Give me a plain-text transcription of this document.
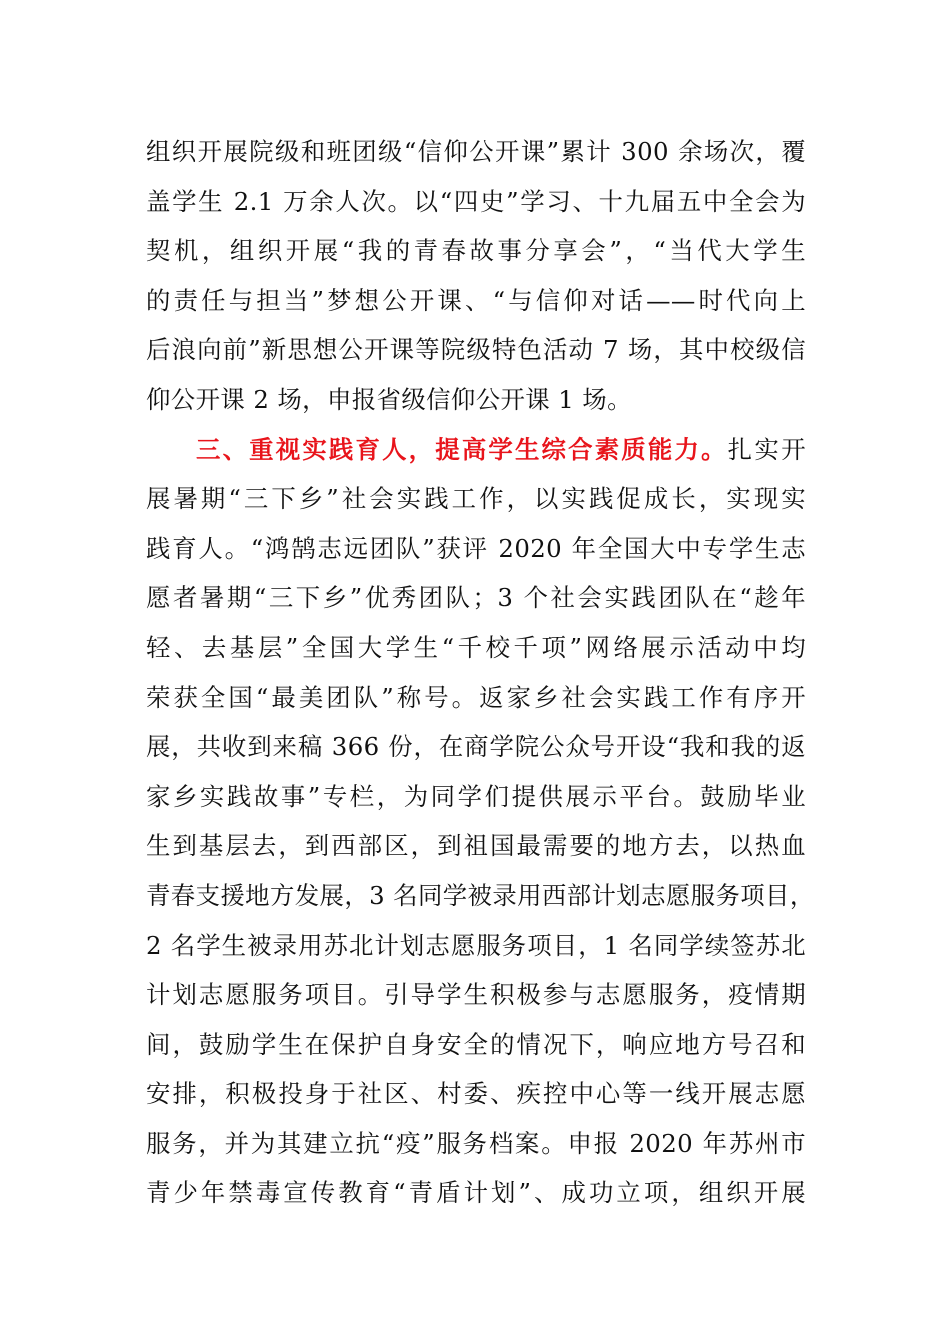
组织开展院级和班团级“信仰公开课”累计 300 余场次，覆
盖学生 2.1 万余人次。以“四史”学习、十九届五中全会为
契机，组织开展“我的青春故事分享会”，“当代大学生
的责任与担当”梦想公开课、“与信仰对话——时代向上
后浪向前”新思想公开课等院级特色活动 7 场，其中校级信
仰公开课 2 场，申报省级信仰公开课 1 场。
三、重视实践育人，提高学生综合素质能力。扎实开
展暑期“三下乡”社会实践工作，以实践促成长，实现实
践育人。“鸿鹄志远团队”获评 2020 年全国大中专学生志
愿者暑期“三下乡”优秀团队；3 个社会实践团队在“趁年
轻、去基层”全国大学生“千校千项”网络展示活动中均
荣获全国“最美团队”称号。返家乡社会实践工作有序开
展，共收到来稿 366 份，在商学院公众号开设“我和我的返
家乡实践故事”专栏，为同学们提供展示平台。鼓励毕业
生到基层去，到西部区，到祖国最需要的地方去，以热血
青春支援地方发展，3 名同学被录用西部计划志愿服务项目，
2 名学生被录用苏北计划志愿服务项目，1 名同学续签苏北
计划志愿服务项目。引导学生积极参与志愿服务，疫情期
间，鼓励学生在保护自身安全的情况下，响应地方号召和
安排，积极投身于社区、村委、疾控中心等一线开展志愿
服务，并为其建立抗“疫”服务档案。申报 2020 年苏州市
青少年禁毒宣传教育“青盾计划”、成功立项，组织开展
